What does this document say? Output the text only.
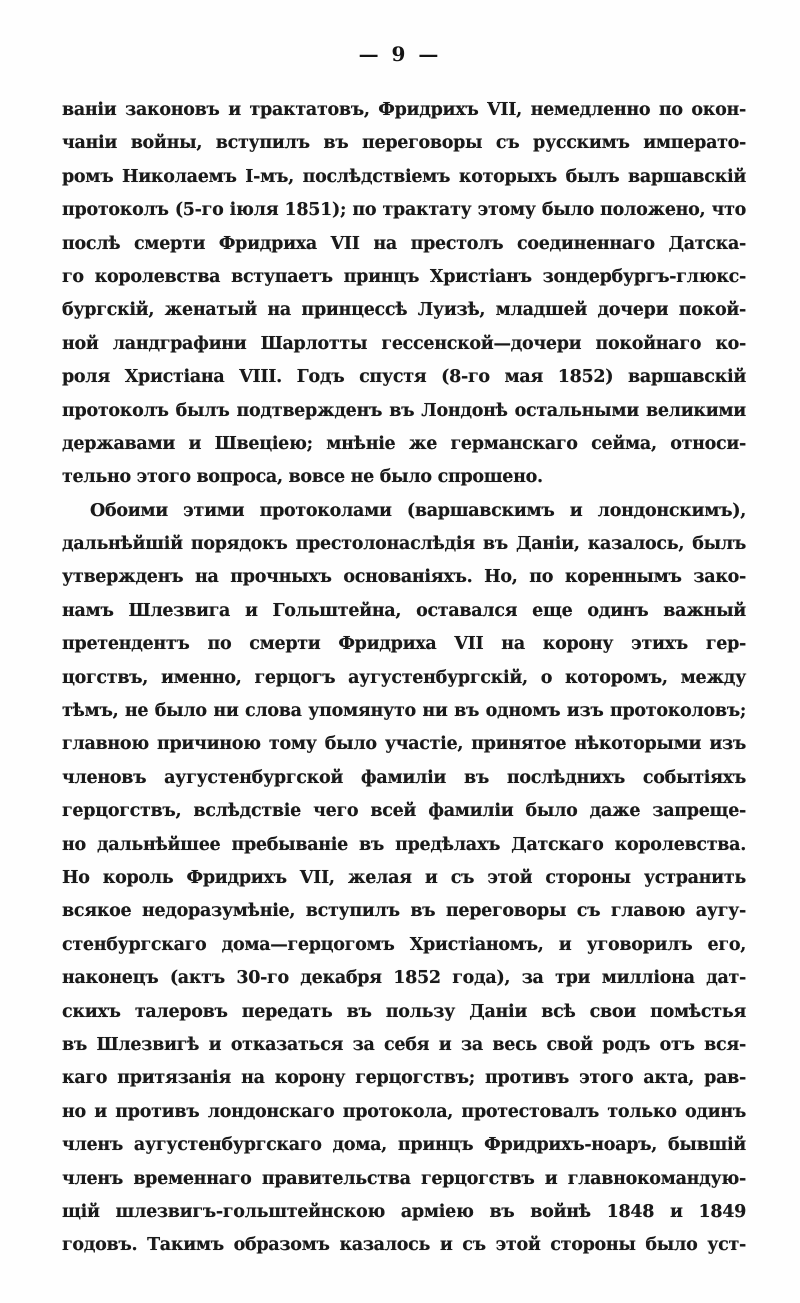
— 9 —
ваніи законовъ и трактатовъ, Фридрихъ VII, немедленно по окон-
чаніи войны, вступилъ въ переговоры съ русскимъ императо-
ромъ Николаемъ I-мъ, послѣдствіемъ которыхъ былъ варшавскій
протоколъ (5-го іюля 1851); по трактату этому было положено, что
послѣ смерти Фридриха VII на престолъ соединеннаго Датска-
го королевства вступаетъ принцъ Христіанъ зондербургъ-глюкс-
бургскій, женатый на принцессѣ Луизѣ, младшей дочери покой-
ной ландграфини Шарлотты гессенской—дочери покойнаго ко-
роля Христіана VIII. Годъ спустя (8-го мая 1852) варшавскій
протоколъ былъ подтвержденъ въ Лондонѣ остальными великими
державами и Швеціею; мнѣніе же германскаго сейма, относи-
тельно этого вопроса, вовсе не было спрошено.
Обоими этими протоколами (варшавскимъ и лондонскимъ),
дальнѣйшій порядокъ престолонаслѣдія въ Даніи, казалось, былъ
утвержденъ на прочныхъ основаніяхъ. Но, по кореннымъ зако-
намъ Шлезвига и Гольштейна, оставался еще одинъ важный
претендентъ по смерти Фридриха VII на корону этихъ гер-
цогствъ, именно, герцогъ аугустенбургскій, о которомъ, между
тѣмъ, не было ни слова упомянуто ни въ одномъ изъ протоколовъ;
главною причиною тому было участіе, принятое нѣкоторыми изъ
членовъ аугустенбургской фамиліи въ послѣднихъ событіяхъ
герцогствъ, вслѣдствіе чего всей фамиліи было даже запреще-
но дальнѣйшее пребываніе въ предѣлахъ Датскаго королевства.
Но король Фридрихъ VII, желая и съ этой стороны устранить
всякое недоразумѣніе, вступилъ въ переговоры съ главою аугу-
стенбургскаго дома—герцогомъ Христіаномъ, и уговорилъ его,
наконецъ (актъ 30-го декабря 1852 года), за три милліона дат-
скихъ талеровъ передать въ пользу Даніи всѣ свои помѣстья
въ Шлезвигѣ и отказаться за себя и за весь свой родъ отъ вся-
каго притязанія на корону герцогствъ; противъ этого акта, рав-
но и противъ лондонскаго протокола, протестовалъ только одинъ
членъ аугустенбургскаго дома, принцъ Фридрихъ-ноаръ, бывшій
членъ временнаго правительства герцогствъ и главнокомандую-
щій шлезвигъ-гольштейнскою арміею въ войнѣ 1848 и 1849
годовъ. Такимъ образомъ казалось и съ этой стороны было уст-
